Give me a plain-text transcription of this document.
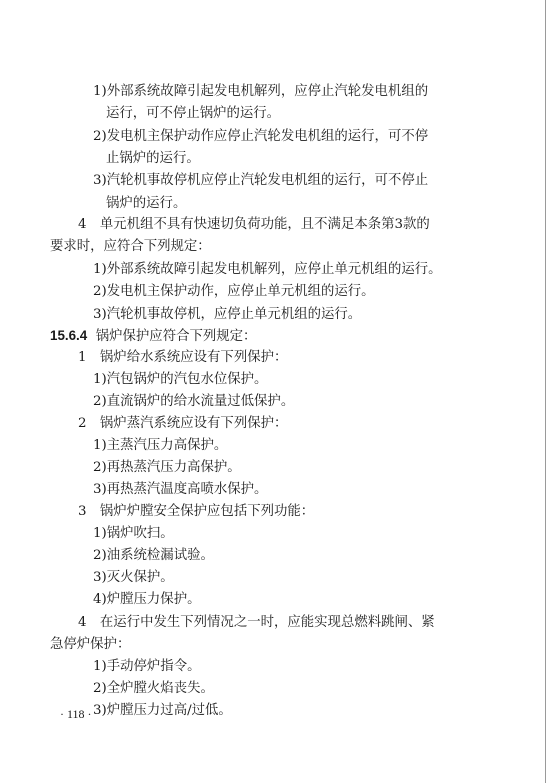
1)外部系统故障引起发电机解列，应停止汽轮发电机组的
运行，可不停止锅炉的运行。
2)发电机主保护动作应停止汽轮发电机组的运行，可不停
止锅炉的运行。
3)汽轮机事故停机应停止汽轮发电机组的运行，可不停止
锅炉的运行。
4　单元机组不具有快速切负荷功能，且不满足本条第3款的
要求时，应符合下列规定：
1)外部系统故障引起发电机解列，应停止单元机组的运行。
2)发电机主保护动作，应停止单元机组的运行。
3)汽轮机事故停机，应停止单元机组的运行。
15.6.4 锅炉保护应符合下列规定：
1　锅炉给水系统应设有下列保护：
1)汽包锅炉的汽包水位保护。
2)直流锅炉的给水流量过低保护。
2　锅炉蒸汽系统应设有下列保护：
1)主蒸汽压力高保护。
2)再热蒸汽压力高保护。
3)再热蒸汽温度高喷水保护。
3　锅炉炉膛安全保护应包括下列功能：
1)锅炉吹扫。
2)油系统检漏试验。
3)灭火保护。
4)炉膛压力保护。
4　在运行中发生下列情况之一时，应能实现总燃料跳闸、紧
急停炉保护：
1)手动停炉指令。
2)全炉膛火焰丧失。
3)炉膛压力过高/过低。
· 118 ·
